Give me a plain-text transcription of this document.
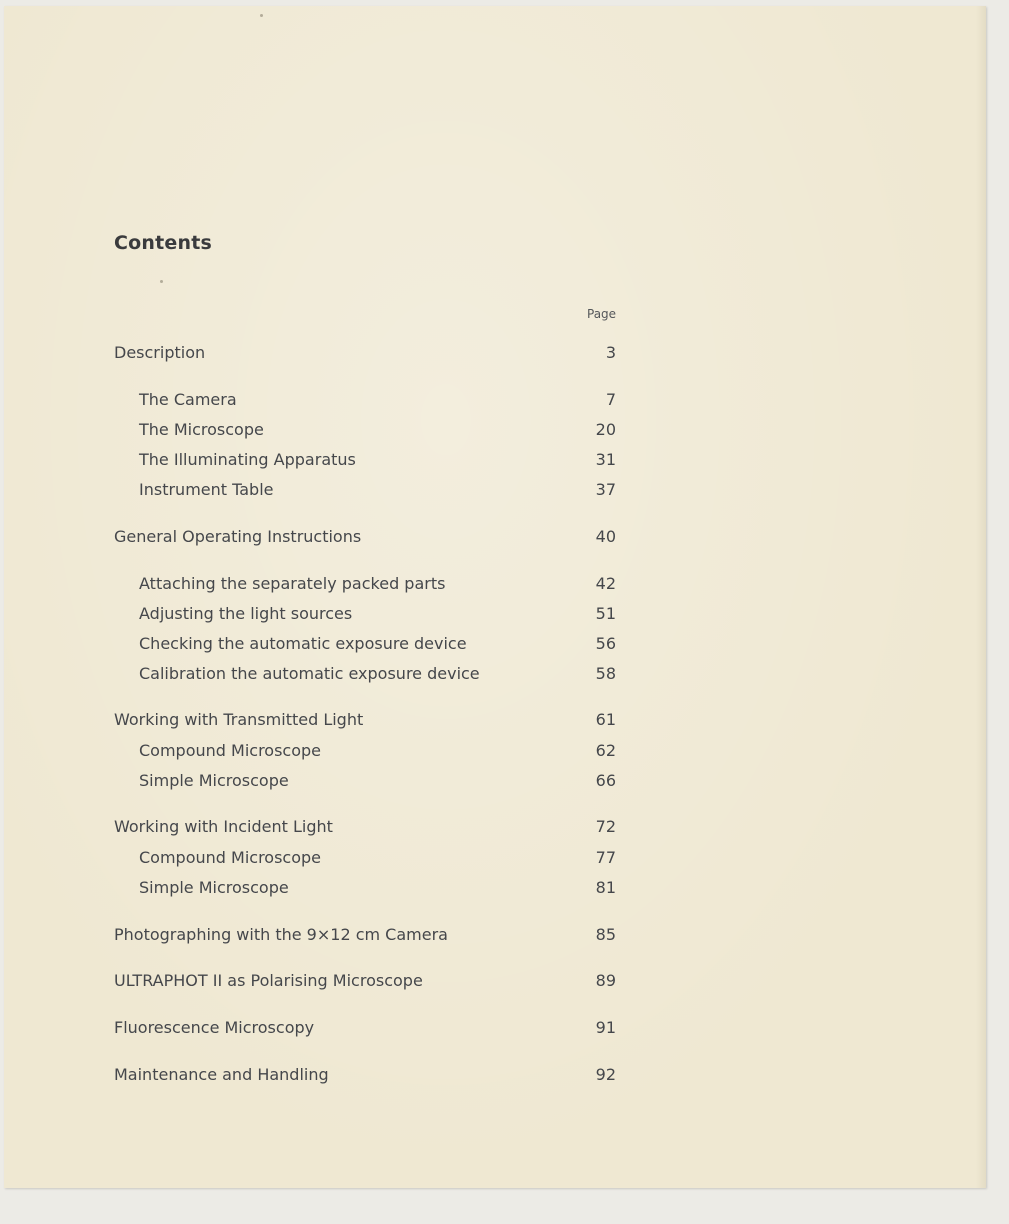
Contents
Page
Description	3
The Camera	7
The Microscope	20
The Illuminating Apparatus	31
Instrument Table	37
General Operating Instructions	40
Attaching the separately packed parts	42
Adjusting the light sources	51
Checking the automatic exposure device	56
Calibration the automatic exposure device	58
Working with Transmitted Light	61
Compound Microscope	62
Simple Microscope	66
Working with Incident Light	72
Compound Microscope	77
Simple Microscope	81
Photographing with the 9×12 cm Camera	85
ULTRAPHOT II as Polarising Microscope	89
Fluorescence Microscopy	91
Maintenance and Handling	92
